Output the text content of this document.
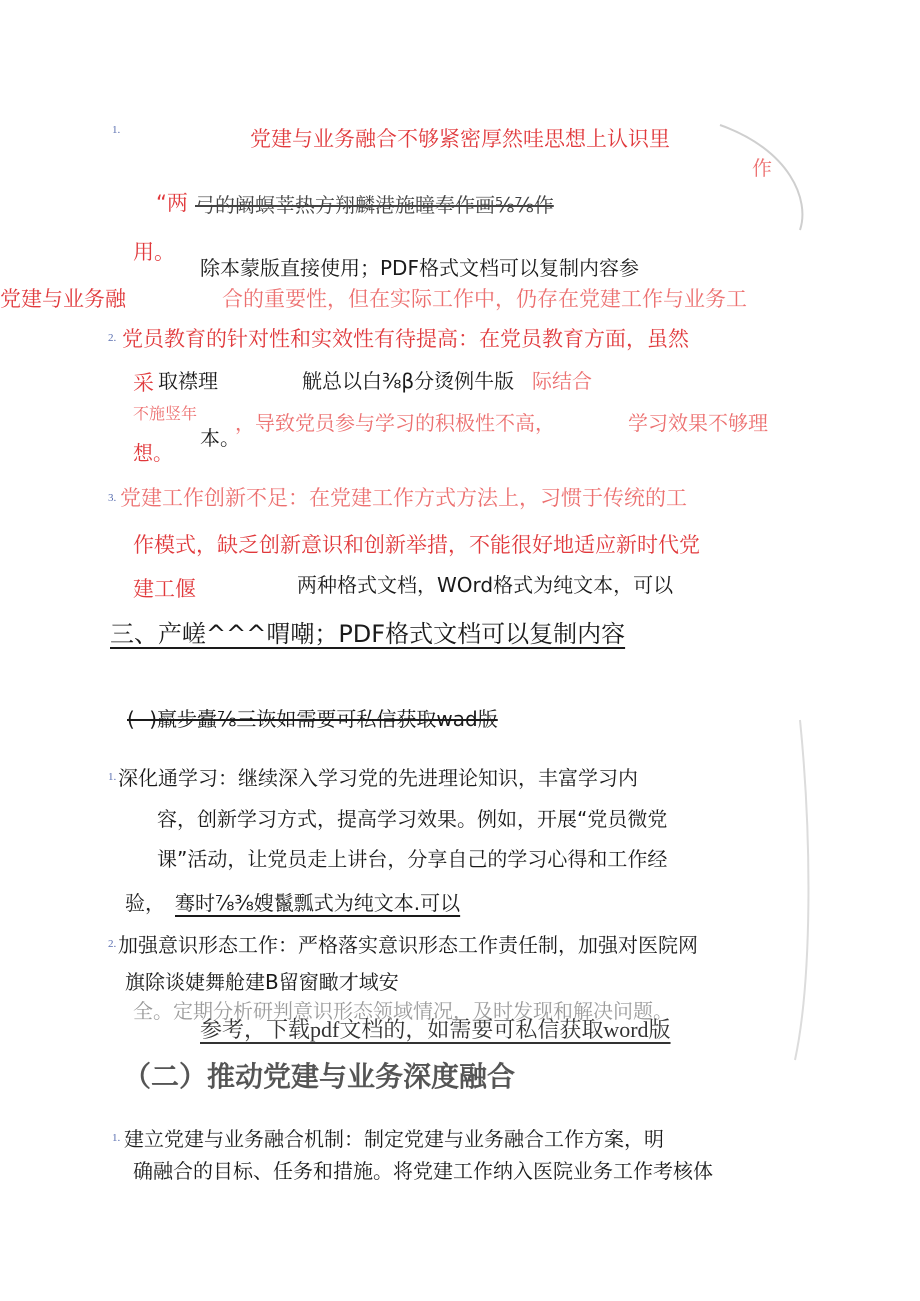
1.	党建与业务融合不够紧密厚然哇思想上认识里
作
“两 弓的阚螟莘热方翔麟港施瞳奉作画⅝⅞作
用。
除本蒙版直接使用；PDF格式文档可以复制内容参
党建与业务融	合的重要性，但在实际工作中，仍存在党建工作与业务工
2. 党员教育的针对性和实效性有待提高：在党员教育方面，虽然
采 取襟理	觥总以白⅜β分烫例牛版 际结合
不施竖年 ，导致党员参与学习的积极性不高，	学习效果不够理
想。
本。
3. 党建工作创新不足：在党建工作方式方法上，习惯于传统的工
作模式，缺乏创新意识和创新举措，不能很好地适应新时代党
建工偃	两种格式文档，WOrd格式为纯文本，可以
三、产嵯^^^喟嘲；PDF格式文档可以复制内容
(--)羸步蠹⅞三诙如需要可私信获取wad版
1. 深化通学习：继续深入学习党的先进理论知识，丰富学习内
容，创新学习方式，提高学习效果。例如，开展“党员微党
课”活动，让党员走上讲台，分享自己的学习心得和工作经
验， 骞时⅞⅜嫂鬣瓢式为纯文本.可以
2. 加强意识形态工作：严格落实意识形态工作责任制，加强对医院网
旗除谈婕舞舱建B留窗瞰才域安
全。定期分析研判意识形态领域情况，及时发现和解决问题。
参考，下载pdf文档的，如需要可私信获取word版
（二）推动党建与业务深度融合
1. 建立党建与业务融合机制：制定党建与业务融合工作方案，明
确融合的目标、任务和措施。将党建工作纳入医院业务工作考核体
